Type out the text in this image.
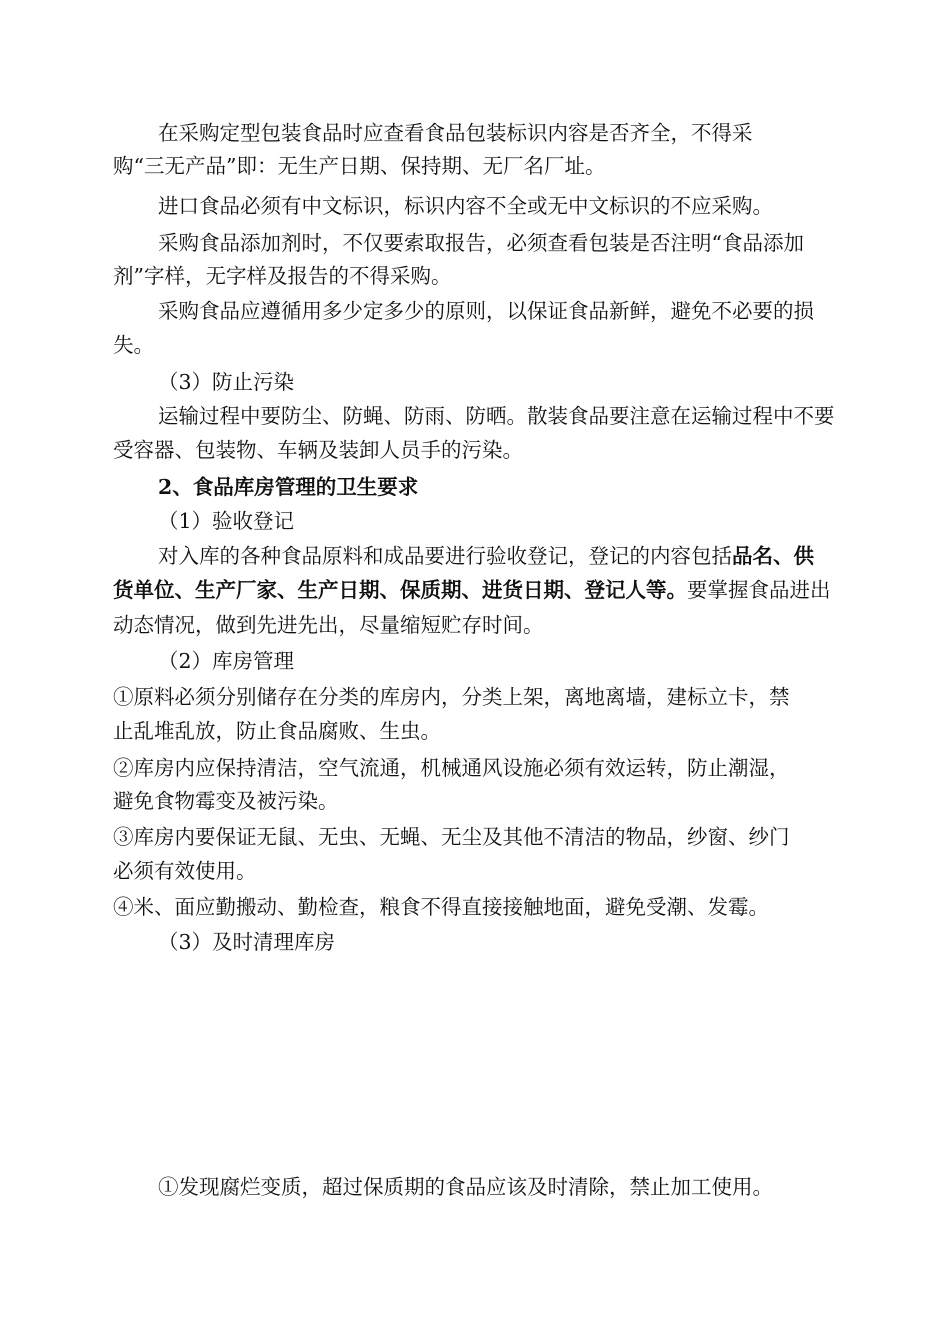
在采购定型包装食品时应查看食品包装标识内容是否齐全，不得采
购“三无产品”即：无生产日期、保持期、无厂名厂址。
进口食品必须有中文标识，标识内容不全或无中文标识的不应采购。
采购食品添加剂时，不仅要索取报告，必须查看包装是否注明“食品添加
剂”字样，无字样及报告的不得采购。
采购食品应遵循用多少定多少的原则，以保证食品新鲜，避免不必要的损
失。
（3）防止污染
运输过程中要防尘、防蝇、防雨、防晒。散装食品要注意在运输过程中不要
受容器、包装物、车辆及装卸人员手的污染。
2、食品库房管理的卫生要求
（1）验收登记
对入库的各种食品原料和成品要进行验收登记，登记的内容包括品名、供
货单位、生产厂家、生产日期、保质期、进货日期、登记人等。要掌握食品进出
动态情况，做到先进先出，尽量缩短贮存时间。
（2）库房管理
①原料必须分别储存在分类的库房内，分类上架，离地离墙，建标立卡，禁
止乱堆乱放，防止食品腐败、生虫。
②库房内应保持清洁，空气流通，机械通风设施必须有效运转，防止潮湿，
避免食物霉变及被污染。
③库房内要保证无鼠、无虫、无蝇、无尘及其他不清洁的物品，纱窗、纱门
必须有效使用。
④米、面应勤搬动、勤检查，粮食不得直接接触地面，避免受潮、发霉。
（3）及时清理库房
①发现腐烂变质，超过保质期的食品应该及时清除，禁止加工使用。
